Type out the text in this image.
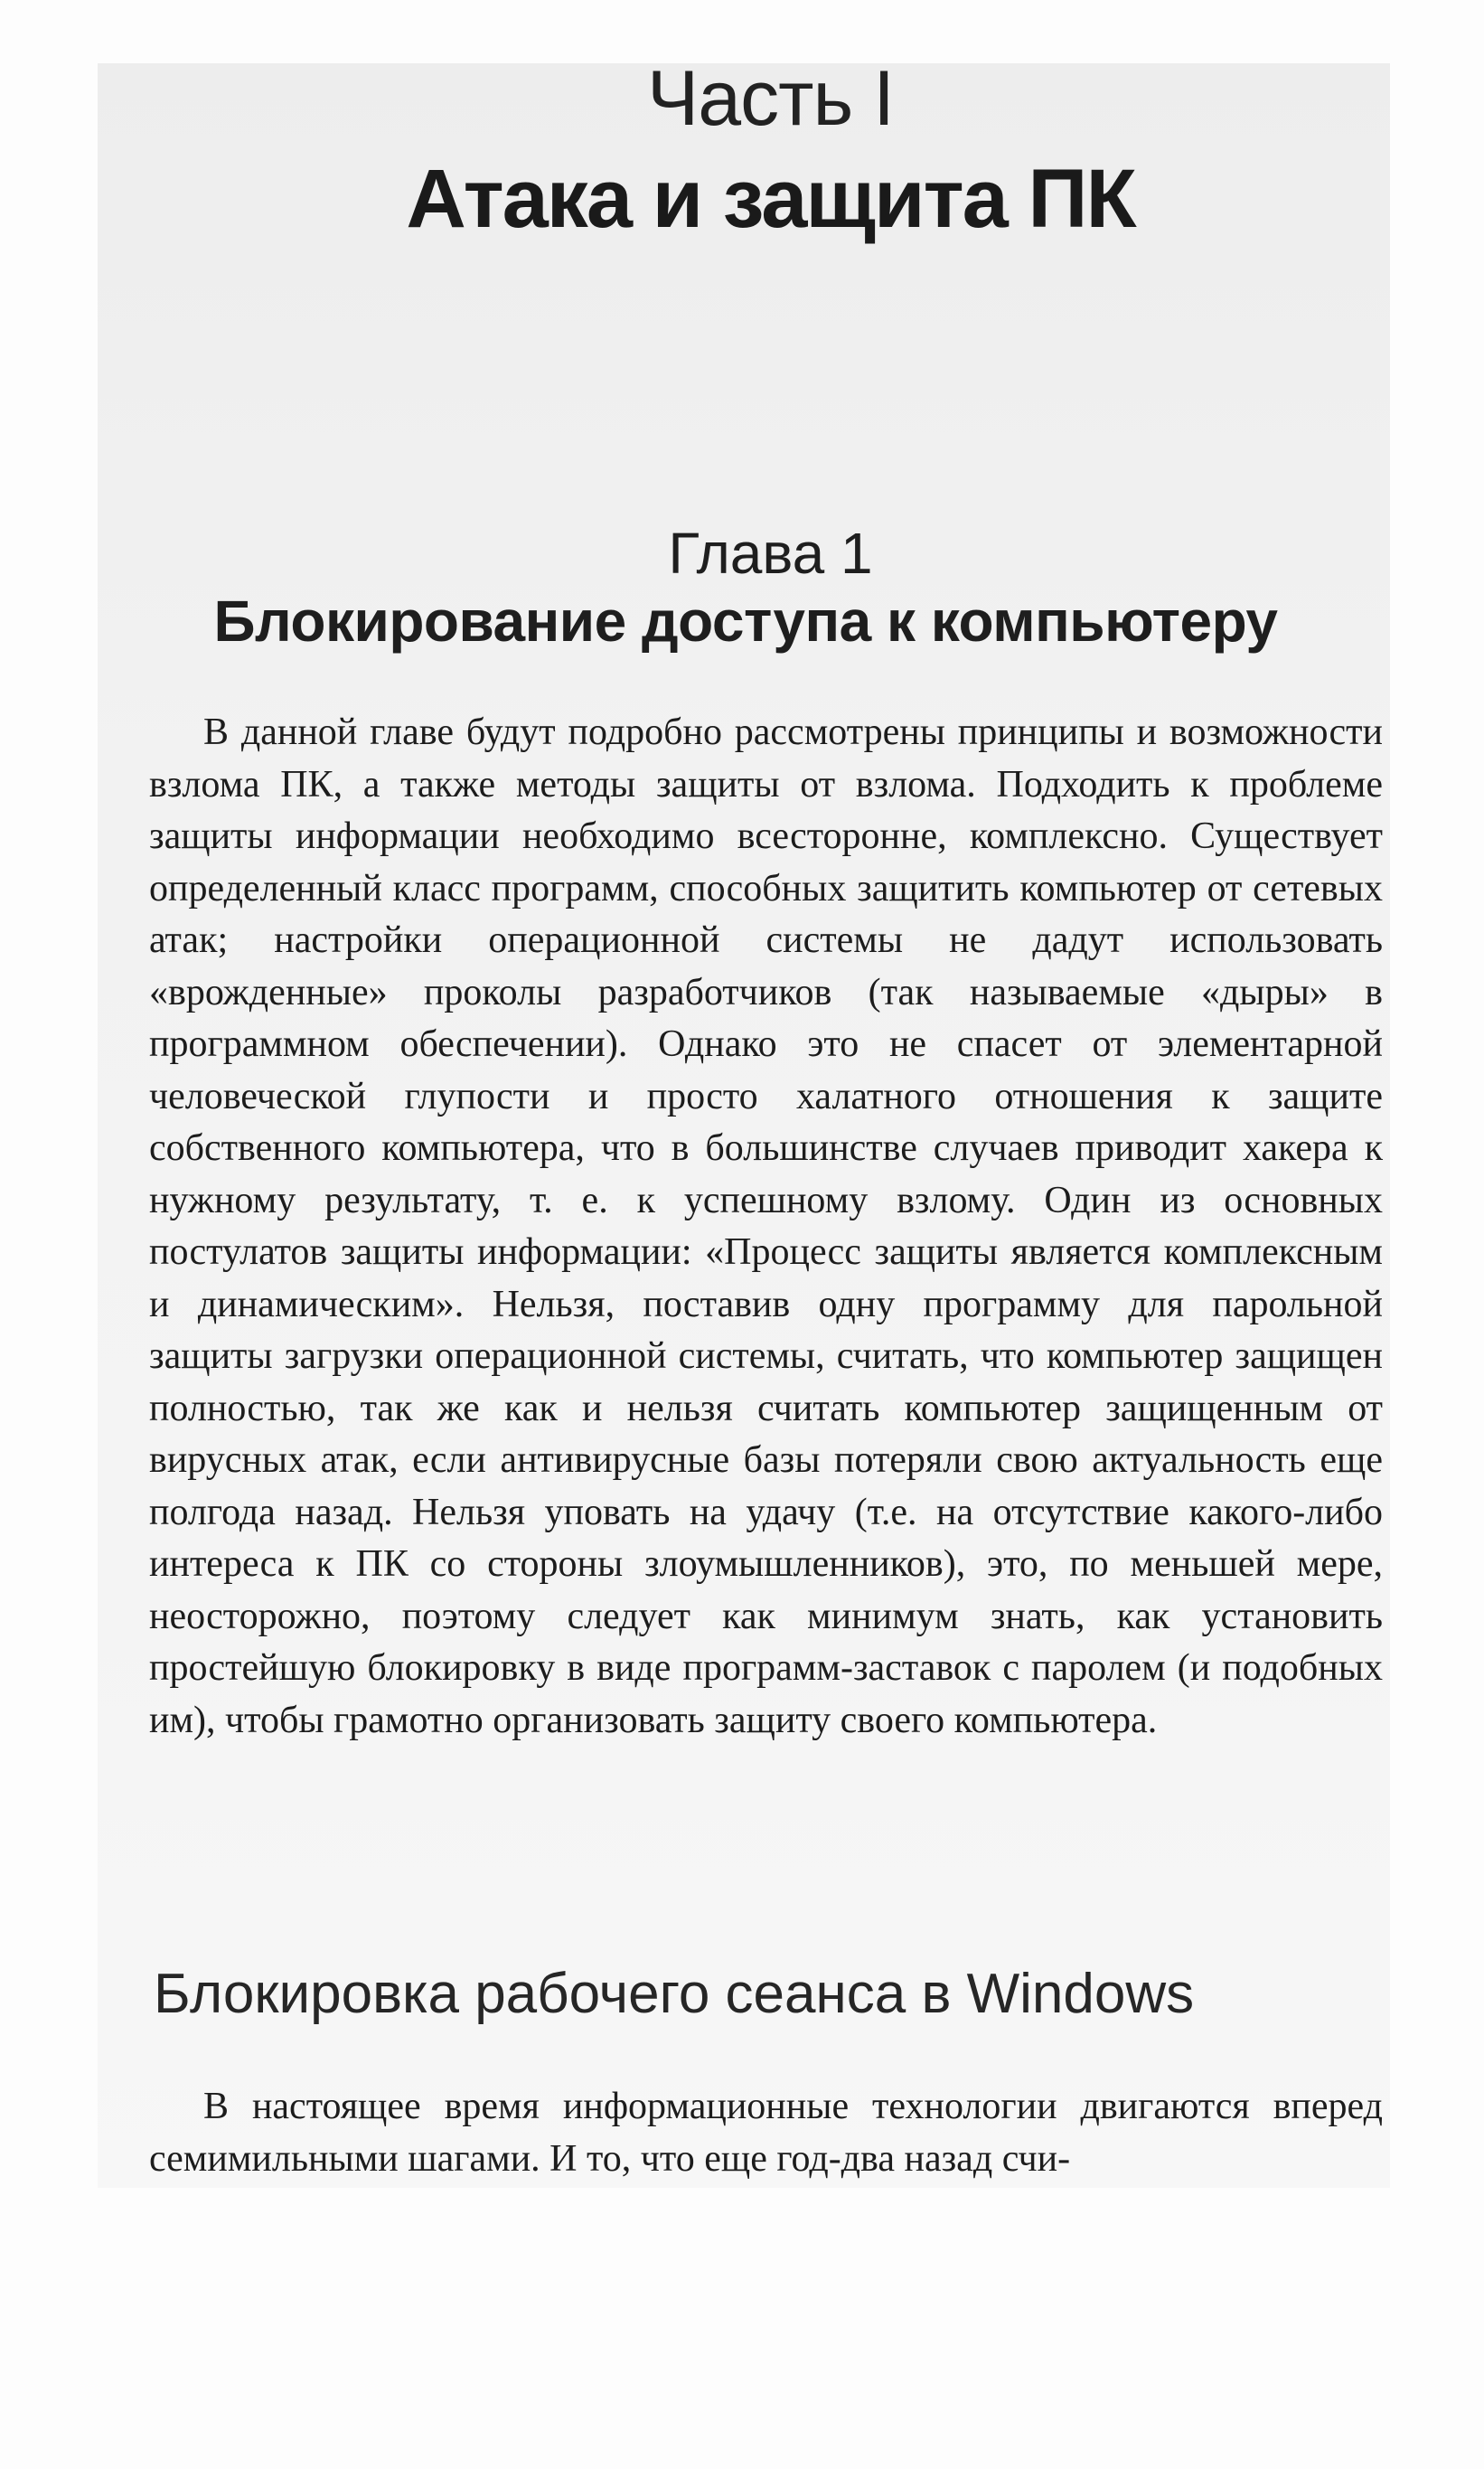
Часть I
Атака и защита ПК
Глава 1
Блокирование доступа к компьютеру

В данной главе будут подробно рассмотрены принципы и возможности взлома ПК, а также методы защиты от взлома. Подходить к проблеме защиты информации необходимо всесторонне, комплексно. Существует определенный класс программ, способных защитить компьютер от сетевых атак; настройки операционной системы не дадут использовать «врожденные» проколы разработчиков (так называемые «дыры» в программном обеспечении). Однако это не спасет от элементарной человеческой глупости и просто халатного отношения к защите собственного компьютера, что в большинстве случаев приводит хакера к нужному результату, т. е. к успешному взлому. Один из основных постулатов защиты информации: «Процесс защиты является комплексным и динамическим». Нельзя, поставив одну программу для парольной защиты загрузки операционной системы, считать, что компьютер защищен полностью, так же как и нельзя считать компьютер защищенным от вирусных атак, если антивирусные базы потеряли свою актуальность еще полгода назад. Нельзя уповать на удачу (т.е. на отсутствие какого-либо интереса к ПК со стороны злоумышленников), это, по меньшей мере, неосторожно, поэтому следует как минимум знать, как установить простейшую блокировку в виде программ-заставок с паролем (и подобных им), чтобы грамотно организовать защиту своего компьютера.

Блокировка рабочего сеанса в Windows

В настоящее время информационные технологии двигаются вперед семимильными шагами. И то, что еще год-два назад счи-
